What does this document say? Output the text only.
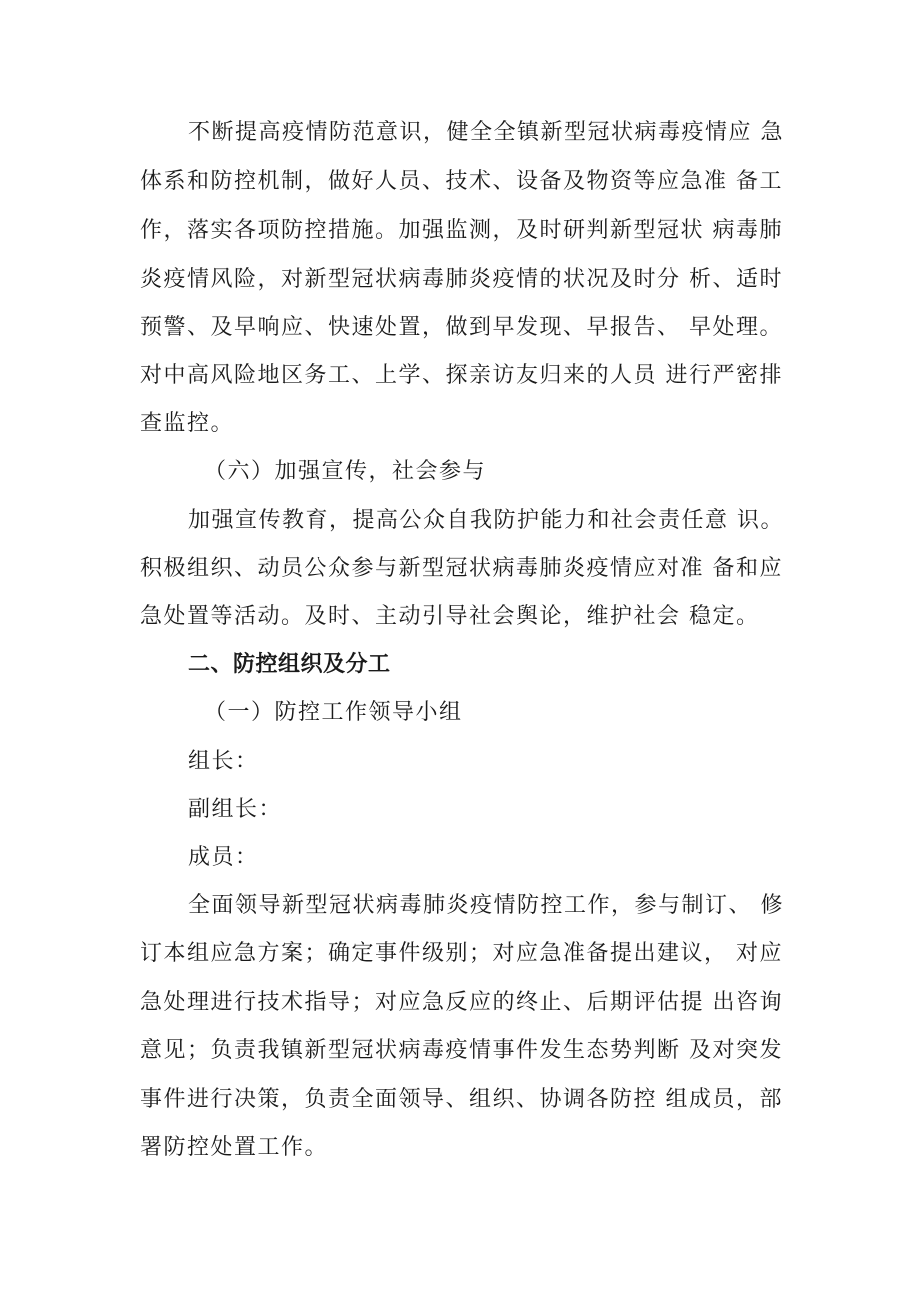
不断提高疫情防范意识，健全全镇新型冠状病毒疫情应 急
体系和防控机制，做好人员、技术、设备及物资等应急准 备工
作，落实各项防控措施。加强监测，及时研判新型冠状 病毒肺
炎疫情风险，对新型冠状病毒肺炎疫情的状况及时分 析、适时
预警、及早响应、快速处置，做到早发现、早报告、 早处理。
对中高风险地区务工、上学、探亲访友归来的人员 进行严密排
查监控。
（六）加强宣传，社会参与
加强宣传教育，提高公众自我防护能力和社会责任意 识。
积极组织、动员公众参与新型冠状病毒肺炎疫情应对准 备和应
急处置等活动。及时、主动引导社会舆论，维护社会 稳定。
二、防控组织及分工
（一）防控工作领导小组
组长：
副组长：
成员：
全面领导新型冠状病毒肺炎疫情防控工作，参与制订、 修
订本组应急方案；确定事件级别；对应急准备提出建议， 对应
急处理进行技术指导；对应急反应的终止、后期评估提 出咨询
意见；负责我镇新型冠状病毒疫情事件发生态势判断 及对突发
事件进行决策，负责全面领导、组织、协调各防控 组成员，部
署防控处置工作。
